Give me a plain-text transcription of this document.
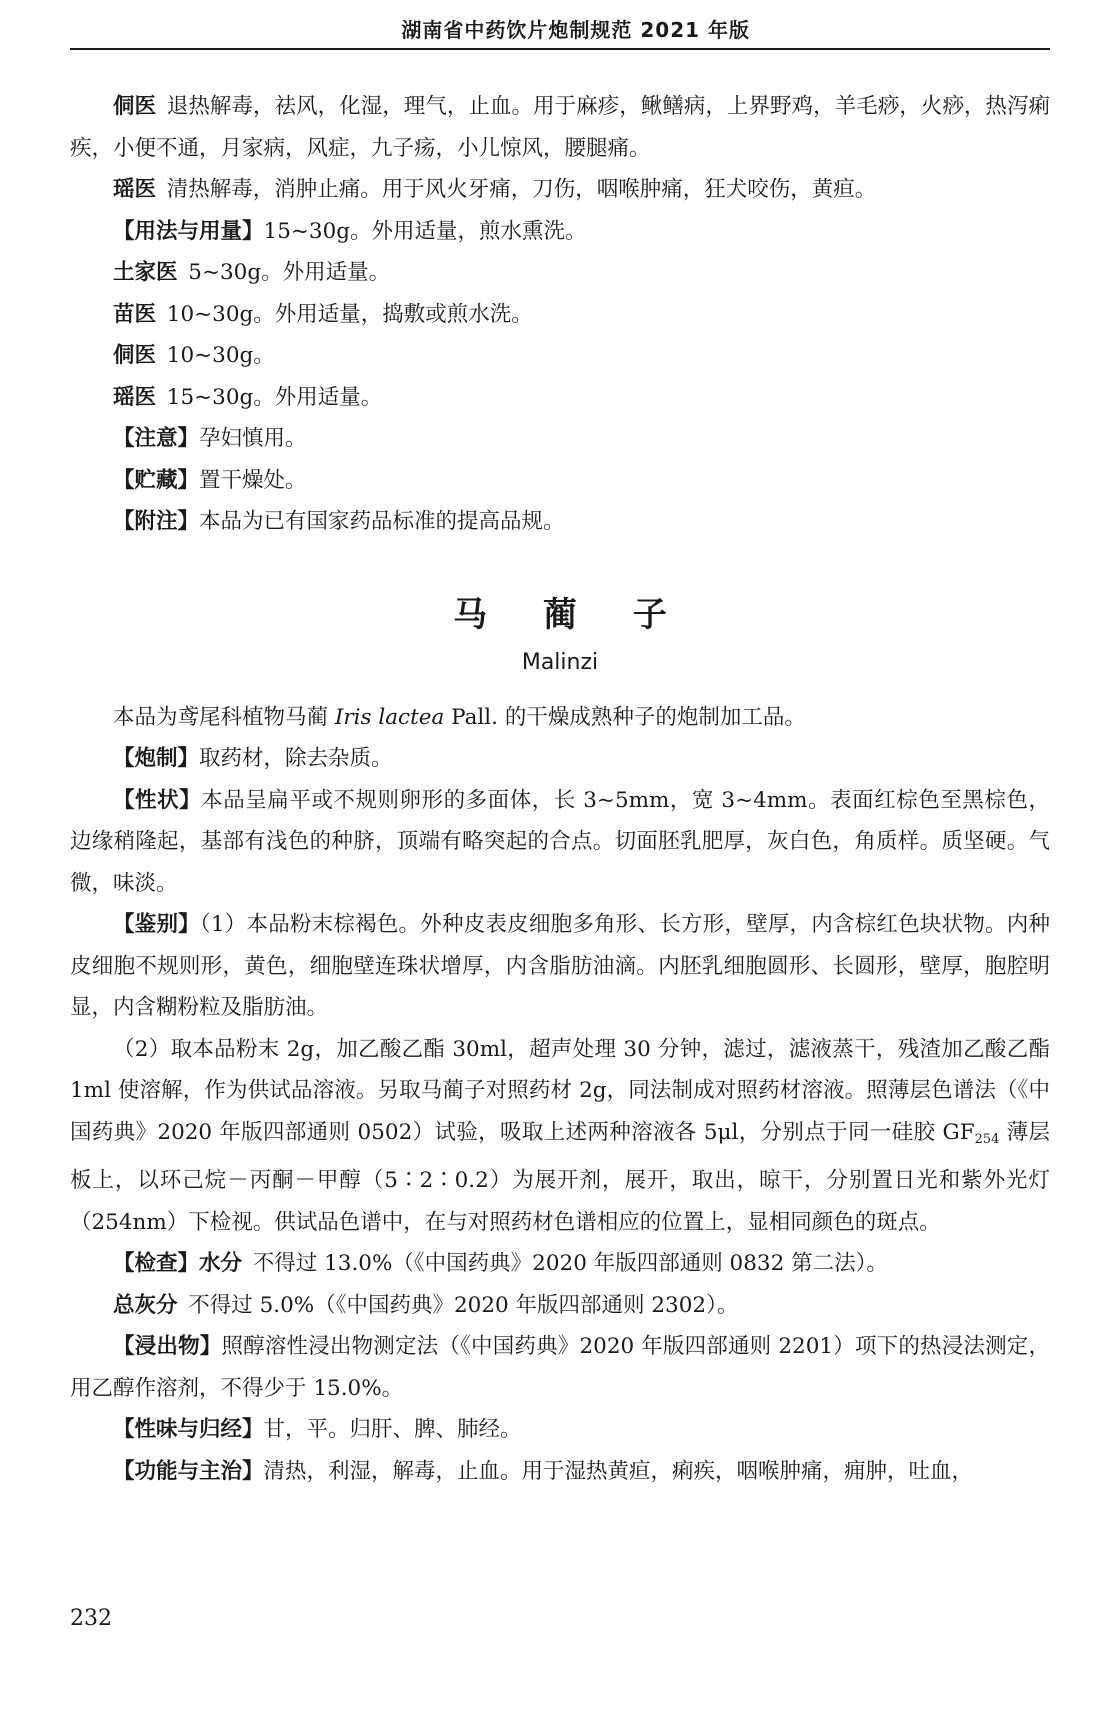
湖南省中药饮片炮制规范 2021 年版

侗医 退热解毒，祛风，化湿，理气，止血。用于麻疹，鳅鳝病，上界野鸡，羊毛痧，火痧，热泻痢疾，小便不通，月家病，风症，九子疡，小儿惊风，腰腿痛。

瑶医 清热解毒，消肿止痛。用于风火牙痛，刀伤，咽喉肿痛，狂犬咬伤，黄疸。

【用法与用量】15~30g。外用适量，煎水熏洗。

土家医 5~30g。外用适量。

苗医 10~30g。外用适量，捣敷或煎水洗。

侗医 10~30g。

瑶医 15~30g。外用适量。

【注意】孕妇慎用。

【贮藏】置干燥处。

【附注】本品为已有国家药品标准的提高品规。

马 蔺 子
Malinzi

本品为鸢尾科植物马蔺 Iris lactea Pall. 的干燥成熟种子的炮制加工品。

【炮制】取药材，除去杂质。

【性状】本品呈扁平或不规则卵形的多面体，长 3~5mm，宽 3~4mm。表面红棕色至黑棕色，边缘稍隆起，基部有浅色的种脐，顶端有略突起的合点。切面胚乳肥厚，灰白色，角质样。质坚硬。气微，味淡。

【鉴别】（1）本品粉末棕褐色。外种皮表皮细胞多角形、长方形，壁厚，内含棕红色块状物。内种皮细胞不规则形，黄色，细胞壁连珠状增厚，内含脂肪油滴。内胚乳细胞圆形、长圆形，壁厚，胞腔明显，内含糊粉粒及脂肪油。

（2）取本品粉末 2g，加乙酸乙酯 30ml，超声处理 30 分钟，滤过，滤液蒸干，残渣加乙酸乙酯 1ml 使溶解，作为供试品溶液。另取马蔺子对照药材 2g，同法制成对照药材溶液。照薄层色谱法（《中国药典》2020 年版四部通则 0502）试验，吸取上述两种溶液各 5μl，分别点于同一硅胶 $GF_{254}$ 薄层板上，以环己烷－丙酮－甲醇（5∶2∶0.2）为展开剂，展开，取出，晾干，分别置日光和紫外光灯（254nm）下检视。供试品色谱中，在与对照药材色谱相应的位置上，显相同颜色的斑点。

【检查】水分 不得过 13.0%（《中国药典》2020 年版四部通则 0832 第二法）。

总灰分 不得过 5.0%（《中国药典》2020 年版四部通则 2302）。

【浸出物】照醇溶性浸出物测定法（《中国药典》2020 年版四部通则 2201）项下的热浸法测定，用乙醇作溶剂，不得少于 15.0%。

【性味与归经】甘，平。归肝、脾、肺经。

【功能与主治】清热，利湿，解毒，止血。用于湿热黄疸，痢疾，咽喉肿痛，痈肿，吐血，

232
